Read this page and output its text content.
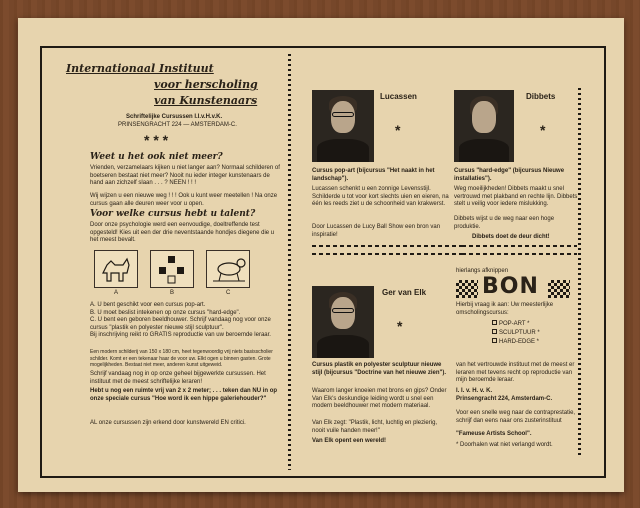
Internationaal Instituut
voor herscholing
van Kunstenaars
Schriftelijke Cursussen I.I.v.H.v.K.
PRINSENGRACHT 224 — AMSTERDAM-C.
* * *
Weet u het ook niet meer?
Vrienden, verzamelaars kijken u niet langer aan? Normaal schilderen of boetseren bestaat niet meer? Nooit nu ieder integer kunstenaars de hand aan zichzelf slaan . . . ? NEEN ! ! !
Wij wijzen u een nieuwe weg ! ! ! Ook u kunt weer meetellen ! Na onze cursus gaan alle deuren weer voor u open.
Voor welke cursus hebt u talent?
Door onze psychologie werd een eenvoudige, doeltreffende test opgesteld! Kies uit een der drie neventstaande hondjes diegene die u het meest bevalt.
A	B	C
A. U bent geschikt voor een cursus pop-art.
B. U moet beslist intekenen op onze cursus "hard-edge".
C. U bent een geboren beeldhouwer. Schrijf vandaag nog voor onze cursus "plastik en polyester nieuwe stijl sculptuur".
Bij inschrijving reikt ro GRATIS reproductie van uw beroemde leraar.
Een modern schilderij van 150 x 180 cm, heet tegenwoordig vrij niets basisscholier schilder. Komt er een tekenaar haar de voor uw. Elkt ogen u binnen gasten. Grote mogelijkheden. Bestaat niet meer, anderen kunst uitgeweid.
Schrijf vandaag nog in op onze geheel bijgewerkte cursussen. Het instituut met de meest schriftelijke leraren!
Hebt u nog een ruimte vrij van 2 x 2 meter; . . . teken dan NU in op onze speciale cursus "Hoe word ik een hippe galeriehouder?"
AL onze cursussen zijn erkend door kunstwereld EN critici.
Lucassen
*
Cursus pop-art (bijcursus "Het naakt in het landschap").
Lucassen schenkt u een zonnige Levensstijl. Schilderde u tot voor kort slechts uien en eieren, na één les reeds ziet u de schoonheid van krakwerst.
Door Lucassen de Lucy Ball Show een bron van inspiratie!
Dibbets
*
Cursus "hard-edge" (bijcursus Nieuwe installaties").
Weg moeilijkheden! Dibbets maakt u snel vertrouwd met plakband en rechte lijn. Dibbets stelt u veilig voor iedere mislukking.
Dibbets wijst u de weg naar een hoge produktie.
Dibbets doet de deur dicht!
Ger van Elk
*
Cursus plastik en polyester sculptuur nieuwe stijl (bijcursus "Doctrine van het nieuwe zien").
Waarom langer knoeien met brons en gips? Onder Van Elk's deskundige leiding wordt u snel een modern beeldhouwer met modern materiaal.
Van Elk zegt: "Plastik, licht, luchtig en plezierig, nooit vuile handen meer!"
Van Elk opent een wereld!
hierlangs afknippen
BON
Hierbij vraag ik aan: Uw meesterlijke omscholingscursus:
POP-ART *
SCULPTUUR *
HARD-EDGE *
van het vertrouwde instituut met de meest er leraren met tevens recht op reproductie van mijn beroemde leraar.
I. I. v. H. v. K.
Prinsengracht 224, Amsterdam-C.
Voor een snelle weg naar de contraprestatie, schrijf dan eens naar ons zusterinstituut
"Fameuse Artists School".
* Doorhalen wat niet verlangd wordt.
